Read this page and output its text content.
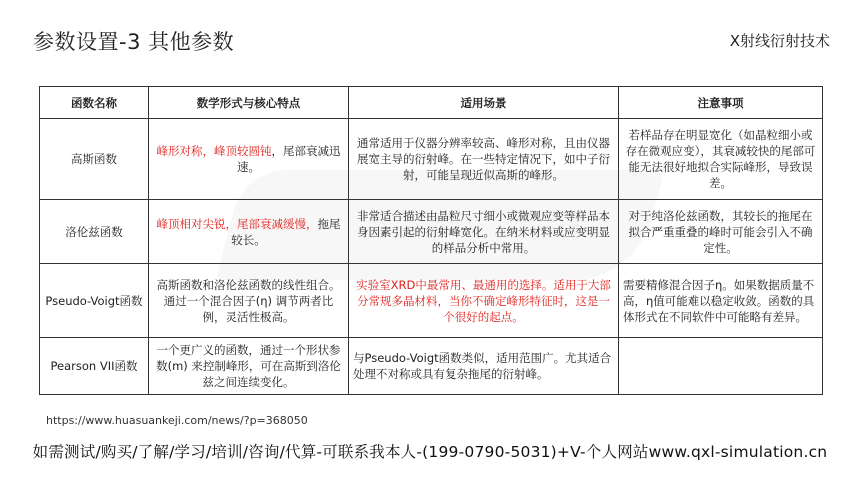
参数设置-3 其他参数	X射线衍射技术
函数名称	数学形式与核心特点	适用场景	注意事项
高斯函数	峰形对称，峰顶较圆钝，尾部衰减迅速。	通常适用于仪器分辨率较高、峰形对称，且由仪器展宽主导的衍射峰。在一些特定情况下，如中子衍射，可能呈现近似高斯的峰形。	若样品存在明显宽化（如晶粒细小或存在微观应变），其衰减较快的尾部可能无法很好地拟合实际峰形，导致误差。
洛伦兹函数	峰顶相对尖锐，尾部衰减缓慢，拖尾较长。	非常适合描述由晶粒尺寸细小或微观应变等样品本身因素引起的衍射峰宽化。在纳米材料或应变明显的样品分析中常用。	对于纯洛伦兹函数，其较长的拖尾在拟合严重重叠的峰时可能会引入不确定性。
Pseudo-Voigt函数	高斯函数和洛伦兹函数的线性组合。通过一个混合因子(η) 调节两者比例，灵活性极高。	实验室XRD中最常用、最通用的选择。适用于大部分常规多晶材料，当你不确定峰形特征时，这是一个很好的起点。	需要精修混合因子η。如果数据质量不高，η值可能难以稳定收敛。函数的具体形式在不同软件中可能略有差异。
Pearson VII函数	一个更广义的函数，通过一个形状参数(m) 来控制峰形，可在高斯到洛伦兹之间连续变化。	与Pseudo-Voigt函数类似，适用范围广。尤其适合处理不对称或具有复杂拖尾的衍射峰。	
https://www.huasuankeji.com/news/?p=368050
如需测试/购买/了解/学习/培训/咨询/代算-可联系我本人-(199-0790-5031)+V-个人网站www.qxl-simulation.cn
